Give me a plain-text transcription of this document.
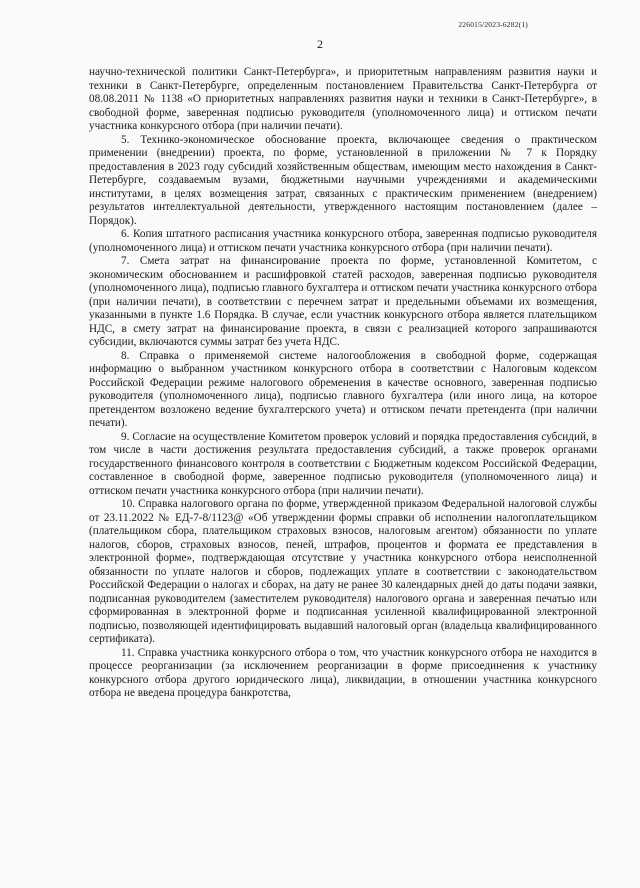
226015/2023-6282(1)
2

научно-технической политики Санкт-Петербурга», и приоритетным направлениям развития науки и техники в Санкт-Петербурге, определенным постановлением Правительства Санкт-Петербурга от 08.08.2011 № 1138 «О приоритетных направлениях развития науки и техники в Санкт-Петербурге», в свободной форме, заверенная подписью руководителя (уполномоченного лица) и оттиском печати участника конкурсного отбора (при наличии печати).

5. Технико-экономическое обоснование проекта, включающее сведения о практическом применении (внедрении) проекта, по форме, установленной в приложении № 7 к Порядку предоставления в 2023 году субсидий хозяйственным обществам, имеющим место нахождения в Санкт-Петербурге, создаваемым вузами, бюджетными научными учреждениями и академическими институтами, в целях возмещения затрат, связанных с практическим применением (внедрением) результатов интеллектуальной деятельности, утвержденного настоящим постановлением (далее – Порядок).

6. Копия штатного расписания участника конкурсного отбора, заверенная подписью руководителя (уполномоченного лица) и оттиском печати участника конкурсного отбора (при наличии печати).

7. Смета затрат на финансирование проекта по форме, установленной Комитетом, с экономическим обоснованием и расшифровкой статей расходов, заверенная подписью руководителя (уполномоченного лица), подписью главного бухгалтера и оттиском печати участника конкурсного отбора (при наличии печати), в соответствии с перечнем затрат и предельными объемами их возмещения, указанными в пункте 1.6 Порядка. В случае, если участник конкурсного отбора является плательщиком НДС, в смету затрат на финансирование проекта, в связи с реализацией которого запрашиваются субсидии, включаются суммы затрат без учета НДС.

8. Справка о применяемой системе налогообложения в свободной форме, содержащая информацию о выбранном участником конкурсного отбора в соответствии с Налоговым кодексом Российской Федерации режиме налогового обременения в качестве основного, заверенная подписью руководителя (уполномоченного лица), подписью главного бухгалтера (или иного лица, на которое претендентом возложено ведение бухгалтерского учета) и оттиском печати претендента (при наличии печати).

9. Согласие на осуществление Комитетом проверок условий и порядка предоставления субсидий, в том числе в части достижения результата предоставления субсидий, а также проверок органами государственного финансового контроля в соответствии с Бюджетным кодексом Российской Федерации, составленное в свободной форме, заверенное подписью руководителя (уполномоченного лица) и оттиском печати участника конкурсного отбора (при наличии печати).

10. Справка налогового органа по форме, утвержденной приказом Федеральной налоговой службы от 23.11.2022 № ЕД-7-8/1123@ «Об утверждении формы справки об исполнении налогоплательщиком (плательщиком сбора, плательщиком страховых взносов, налоговым агентом) обязанности по уплате налогов, сборов, страховых взносов, пеней, штрафов, процентов и формата ее представления в электронной форме», подтверждающая отсутствие у участника конкурсного отбора неисполненной обязанности по уплате налогов и сборов, подлежащих уплате в соответствии с законодательством Российской Федерации о налогах и сборах, на дату не ранее 30 календарных дней до даты подачи заявки, подписанная руководителем (заместителем руководителя) налогового органа и заверенная печатью или сформированная в электронной форме и подписанная усиленной квалифицированной электронной подписью, позволяющей идентифицировать выдавший налоговый орган (владельца квалифицированного сертификата).

11. Справка участника конкурсного отбора о том, что участник конкурсного отбора не находится в процессе реорганизации (за исключением реорганизации в форме присоединения к участнику конкурсного отбора другого юридического лица), ликвидации, в отношении участника конкурсного отбора не введена процедура банкротства,
